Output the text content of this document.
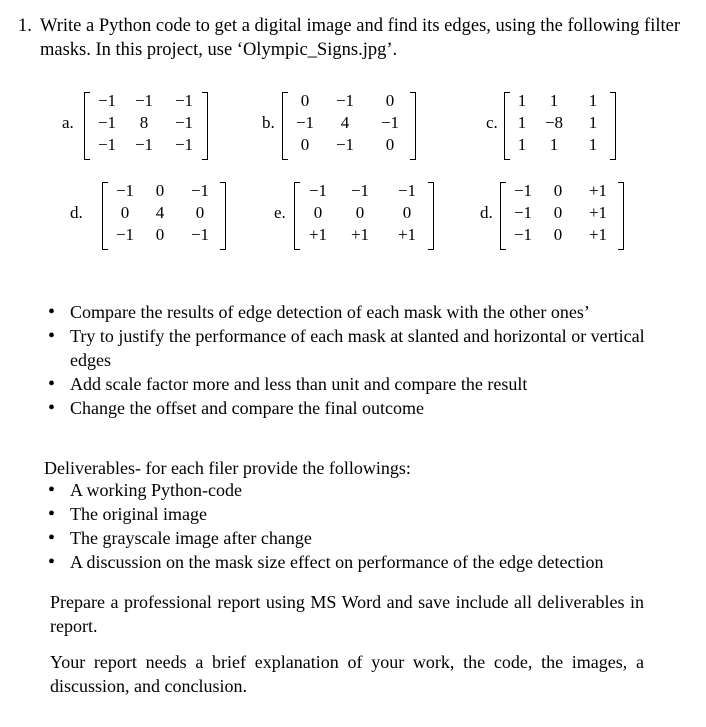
1. Write a Python code to get a digital image and find its edges, using the following filter masks. In this project, use ‘Olympic_Signs.jpg’.
a.
−1	−1	−1
−1	8	−1
−1	−1	−1
b.
0	−1	0
−1	4	−1
0	−1	0
c.
1	1	1
1	−8	1
1	1	1
d.
−1	0	−1
0	4	0
−1	0	−1
e.
−1	−1	−1
0	0	0
+1	+1	+1
d.
−1	0	+1
−1	0	+1
−1	0	+1
• Compare the results of edge detection of each mask with the other ones’
• Try to justify the performance of each mask at slanted and horizontal or vertical edges
• Add scale factor more and less than unit and compare the result
• Change the offset and compare the final outcome
Deliverables- for each filer provide the followings:
• A working Python-code
• The original image
• The grayscale image after change
• A discussion on the mask size effect on performance of the edge detection
Prepare a professional report using MS Word and save include all deliverables in report.
Your report needs a brief explanation of your work, the code, the images, a discussion, and conclusion.
